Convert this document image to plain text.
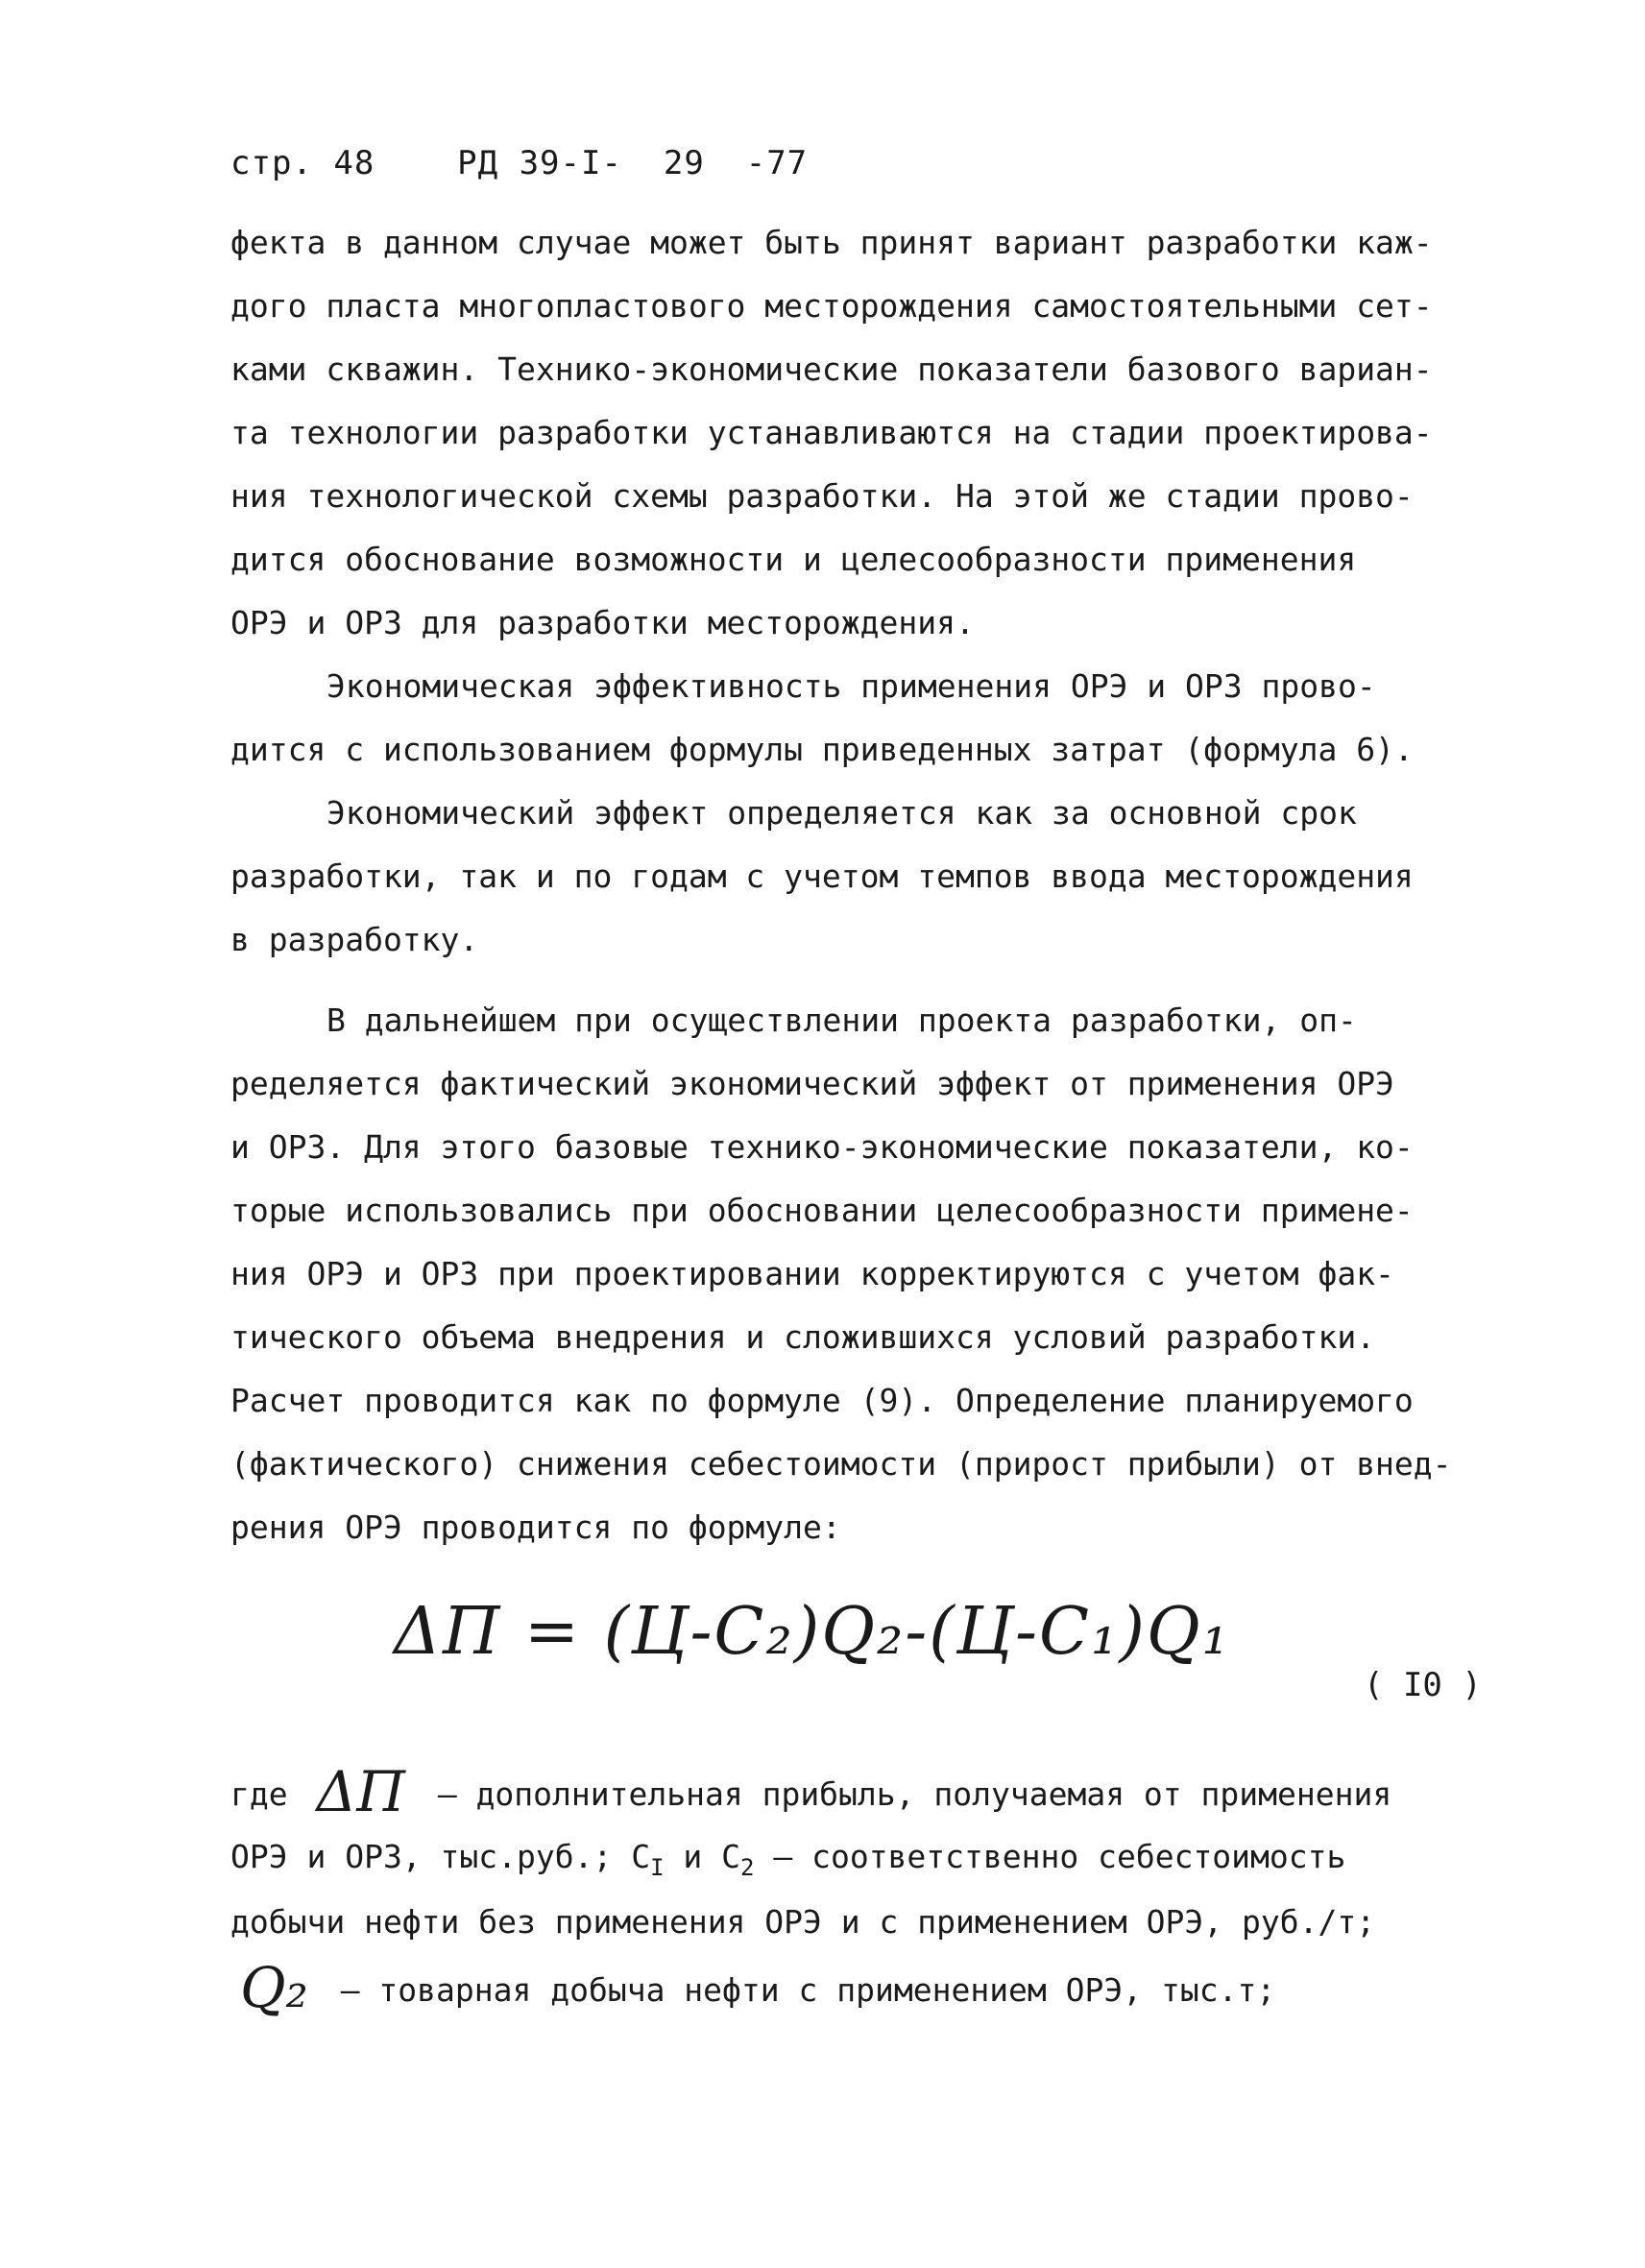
стр. 48    РД 39-I-  29  -77
фекта в данном случае может быть принят вариант разработки каж-
дого пласта многопластового месторождения самостоятельными сет-
ками скважин. Технико-экономические показатели базового вариан-
та технологии разработки устанавливаются на стадии проектирова-
ния технологической схемы разработки. На этой же стадии прово-
дится обоснование возможности и целесообразности применения
ОРЭ и ОРЗ для разработки месторождения.
Экономическая эффективность применения ОРЭ и ОРЗ прово-
дится с использованием формулы приведенных затрат (формула 6).
Экономический эффект определяется как за основной срок
разработки, так и по годам с учетом темпов ввода месторождения
в разработку.
В дальнейшем при осуществлении проекта разработки, оп-
ределяется фактический экономический эффект от применения ОРЭ
и ОРЗ. Для этого базовые технико-экономические показатели, ко-
торые использовались при обосновании целесообразности примене-
ния ОРЭ и ОРЗ при проектировании корректируются с учетом фак-
тического объема внедрения и сложившихся условий разработки.
Расчет проводится как по формуле (9). Определение планируемого
(фактического) снижения себестоимости (прирост прибыли) от внед-
рения ОРЭ проводится по формуле:
ΔП = (Ц-C₂)Q₂-(Ц-C₁)Q₁
( I0 )
где ΔП – дополнительная прибыль, получаемая от применения
ОРЭ и ОРЗ, тыс.руб.; $С_I$ и $С_2$ – соответственно себестоимость
добычи нефти без применения ОРЭ и с применением ОРЭ, руб./т;
Q₂ – товарная добыча нефти с применением ОРЭ, тыс.т;
